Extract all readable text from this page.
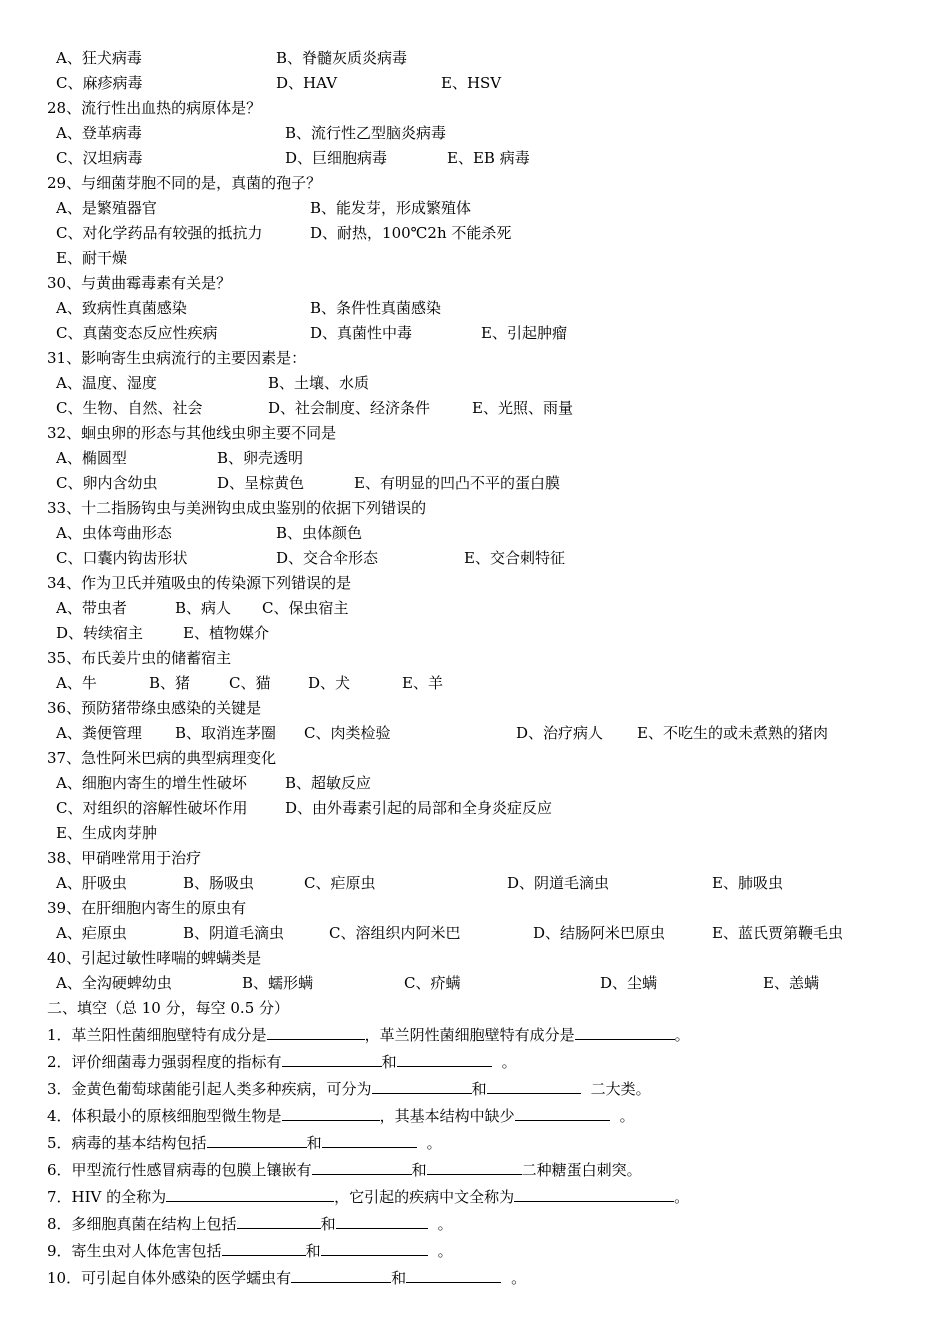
A、狂犬病毒	B、脊髓灰质炎病毒
C、麻疹病毒	D、HAV	E、HSV
28、流行性出血热的病原体是？
A、登革病毒	B、流行性乙型脑炎病毒
C、汉坦病毒	D、巨细胞病毒	E、EB 病毒
29、与细菌芽胞不同的是，真菌的孢子？
A、是繁殖器官	B、能发芽，形成繁殖体
C、对化学药品有较强的抵抗力	D、耐热，100℃2h 不能杀死
E、耐干燥
30、与黄曲霉毒素有关是？
A、致病性真菌感染	B、条件性真菌感染
C、真菌变态反应性疾病	D、真菌性中毒	E、引起肿瘤
31、影响寄生虫病流行的主要因素是：
A、温度、湿度	B、土壤、水质
C、生物、自然、社会	D、社会制度、经济条件	E、光照、雨量
32、蛔虫卵的形态与其他线虫卵主要不同是
A、椭圆型	B、卵壳透明
C、卵内含幼虫	D、呈棕黄色	E、有明显的凹凸不平的蛋白膜
33、十二指肠钩虫与美洲钩虫成虫鉴别的依据下列错误的
A、虫体弯曲形态	B、虫体颜色
C、口囊内钩齿形状	D、交合伞形态	E、交合刺特征
34、作为卫氏并殖吸虫的传染源下列错误的是
A、带虫者	B、病人 C、保虫宿主
D、转续宿主	E、植物媒介
35、布氏姜片虫的储蓄宿主
A、牛	B、猪	C、猫	D、犬	E、羊
36、预防猪带绦虫感染的关键是
A、粪便管理 B、取消连茅圈 C、肉类检验	D、治疗病人 E、不吃生的或未煮熟的猪肉
37、急性阿米巴病的典型病理变化
A、细胞内寄生的增生性破坏	B、超敏反应
C、对组织的溶解性破坏作用	D、由外毒素引起的局部和全身炎症反应
E、生成肉芽肿
38、甲硝唑常用于治疗
A、肝吸虫	B、肠吸虫	C、疟原虫	D、阴道毛滴虫	E、肺吸虫
39、在肝细胞内寄生的原虫有
A、疟原虫	B、阴道毛滴虫	C、溶组织内阿米巴	D、结肠阿米巴原虫	E、蓝氏贾第鞭毛虫
40、引起过敏性哮喘的蜱螨类是
A、全沟硬蜱幼虫	B、蠕形螨	C、疥螨	D、尘螨	E、恙螨
二、填空（总 10 分，每空 0.5 分）
1．革兰阳性菌细胞壁特有成分是	，革兰阴性菌细胞壁特有成分是	。
2．评价细菌毒力强弱程度的指标有	和	。
3．金黄色葡萄球菌能引起人类多种疾病，可分为	和	二大类。
4．体积最小的原核细胞型微生物是	，其基本结构中缺少	。
5．病毒的基本结构包括	和	。
6．甲型流行性感冒病毒的包膜上镶嵌有	和	二种糖蛋白刺突。
7．HIV 的全称为	，它引起的疾病中文全称为	。
8．多细胞真菌在结构上包括	和	。
9．寄生虫对人体危害包括	和	。
10．可引起自体外感染的医学蠕虫有	和	。
